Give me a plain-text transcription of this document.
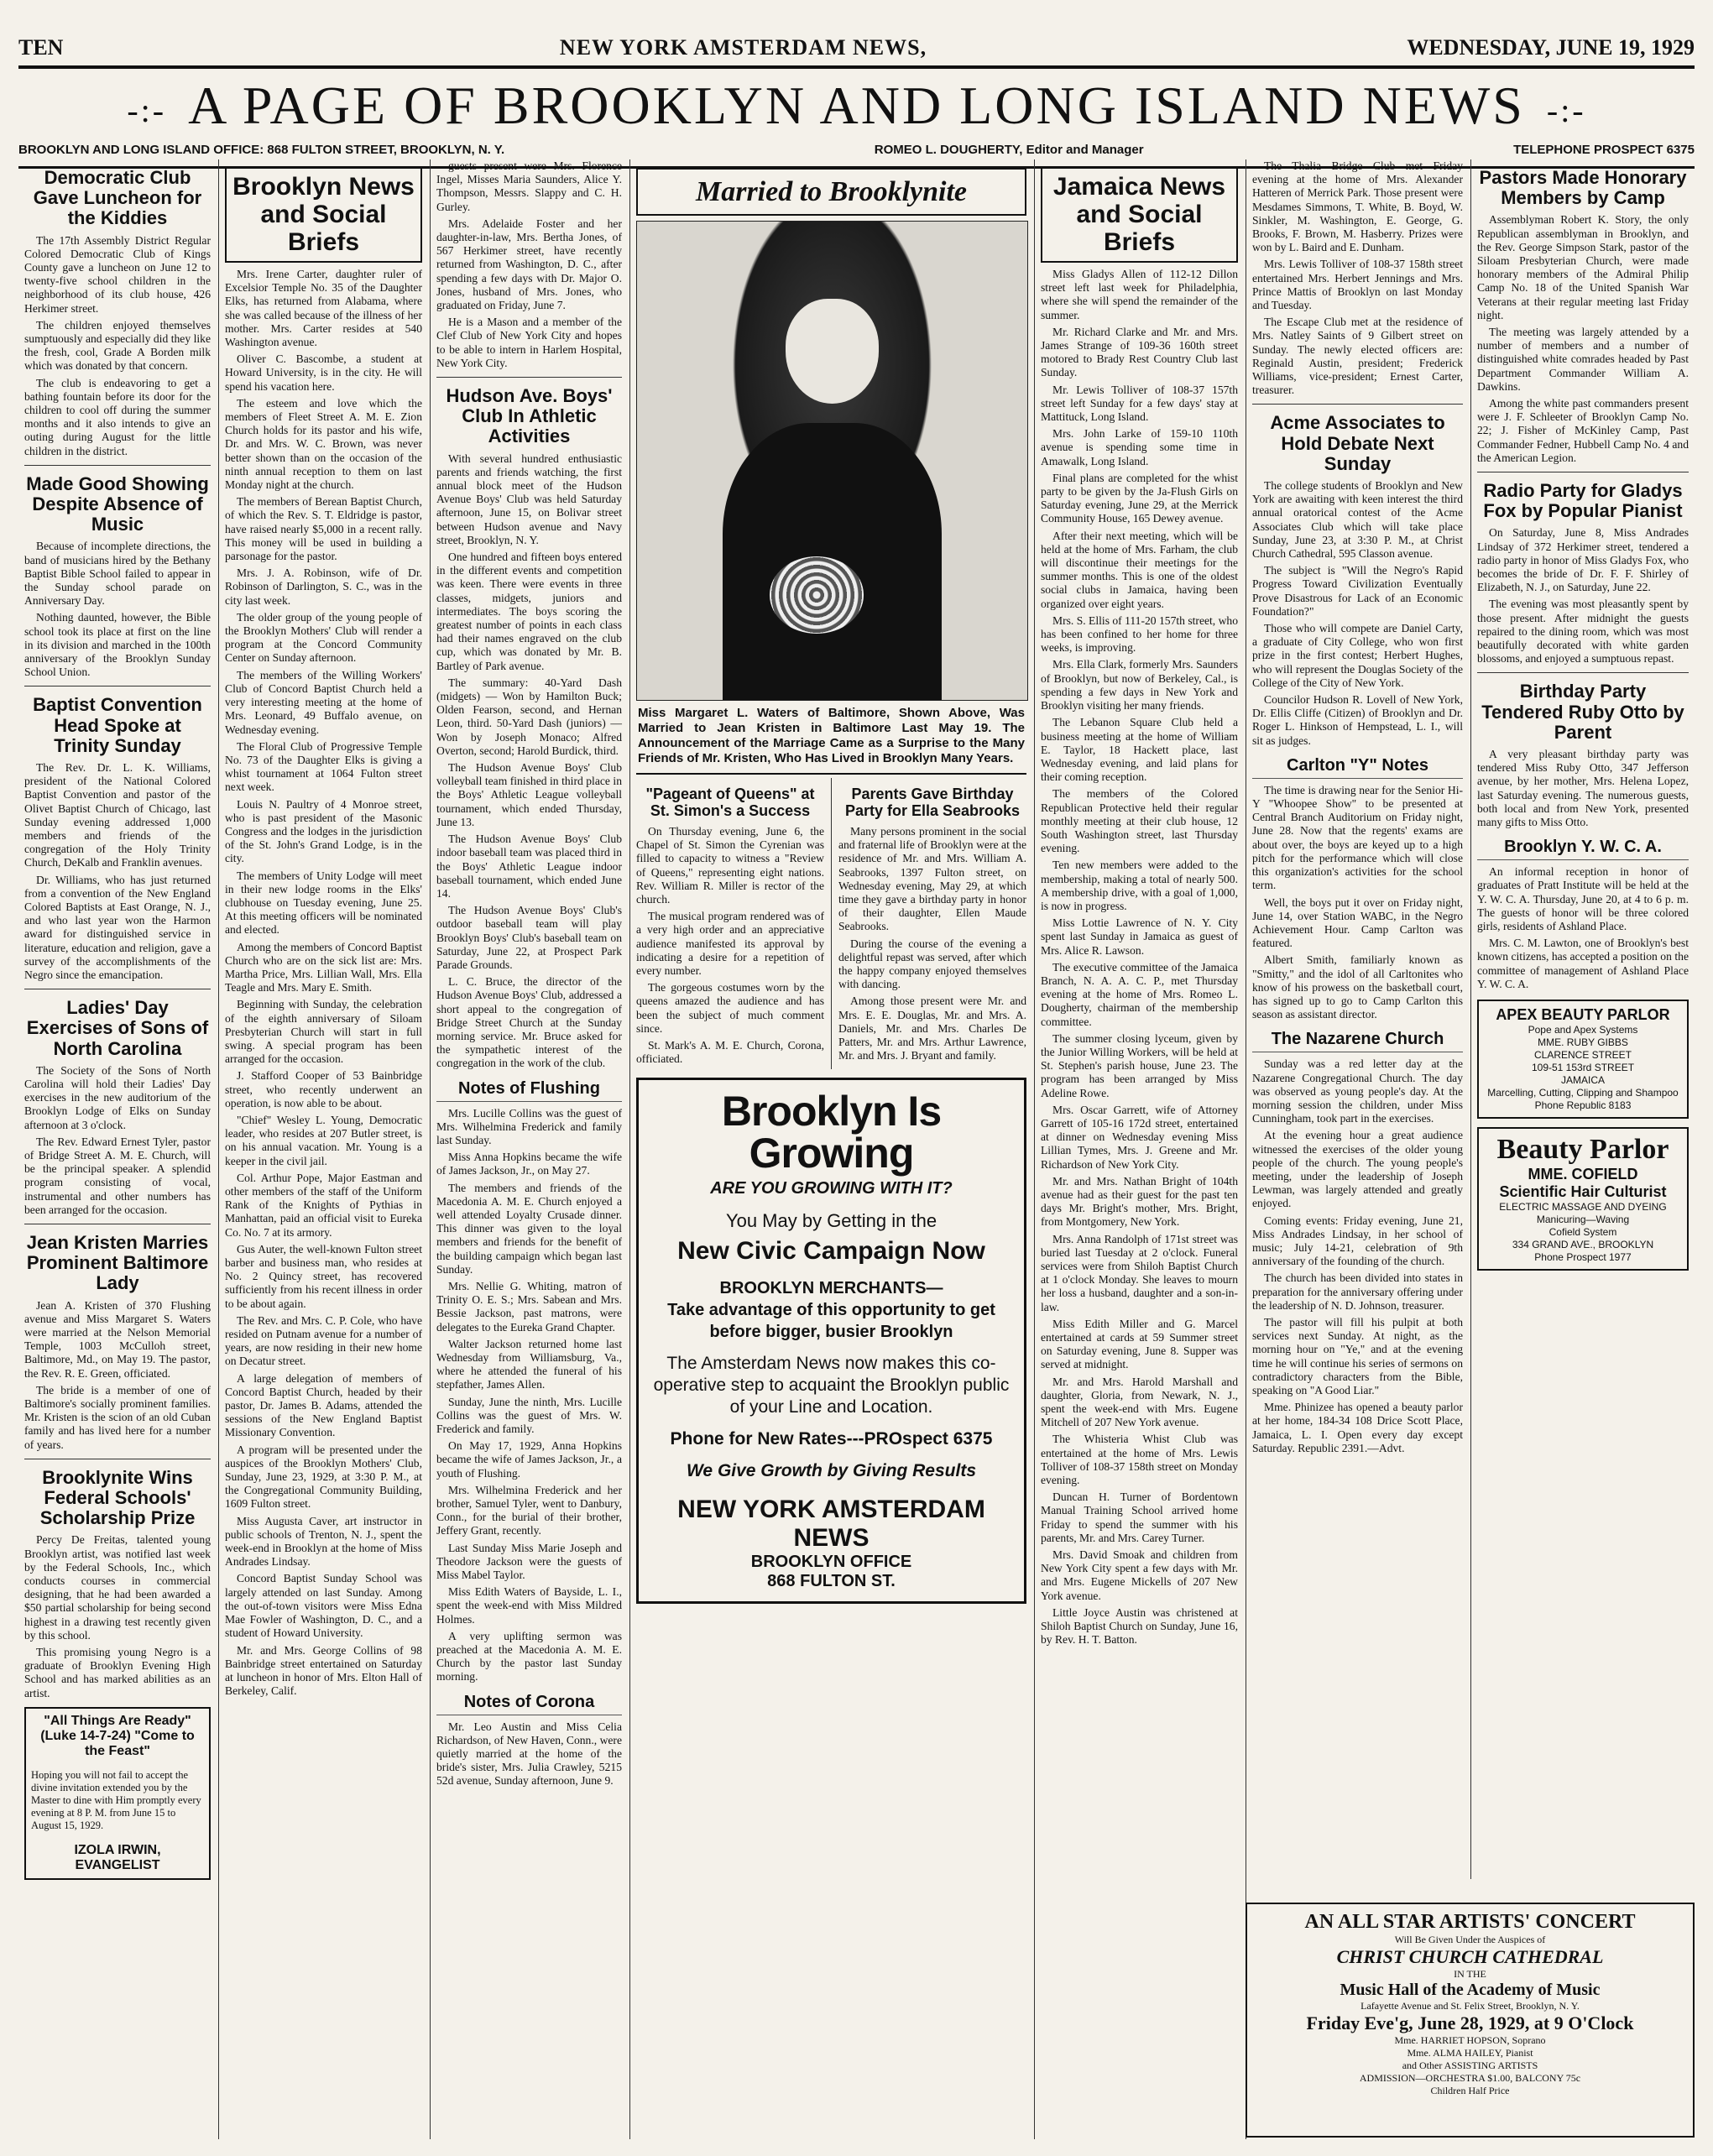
TEN	NEW YORK AMSTERDAM NEWS,	WEDNESDAY, JUNE 19, 1929
-:- A PAGE OF BROOKLYN AND LONG ISLAND NEWS -:-
BROOKLYN AND LONG ISLAND OFFICE: 868 FULTON STREET, BROOKLYN, N. Y.	ROMEO L. DOUGHERTY, Editor and Manager	TELEPHONE PROSPECT 6375
Democratic Club Gave Luncheon for the Kiddies

The 17th Assembly District Regular Colored Democratic Club of Kings County gave a luncheon on June 12 to twenty-five school children in the neighborhood of its club house, 426 Herkimer street.

The children enjoyed themselves sumptuously and especially did they like the fresh, cool, Grade A Borden milk which was donated by that concern.

The club is endeavoring to get a bathing fountain before its door for the children to cool off during the summer months and it also intends to give an outing during August for the little children in the district.

Made Good Showing Despite Absence of Music

Because of incomplete directions, the band of musicians hired by the Bethany Baptist Bible School failed to appear in the Sunday school parade on Anniversary Day.

Nothing daunted, however, the Bible school took its place at first on the line in its division and marched in the 100th anniversary of the Brooklyn Sunday School Union.

Baptist Convention Head Spoke at Trinity Sunday

The Rev. Dr. L. K. Williams, president of the National Colored Baptist Convention and pastor of the Olivet Baptist Church of Chicago, last Sunday evening addressed 1,000 members and friends of the congregation of the Holy Trinity Church, DeKalb and Franklin avenues.

Dr. Williams, who has just returned from a convention of the New England Colored Baptists at East Orange, N. J., and who last year won the Harmon award for distinguished service in literature, education and religion, gave a survey of the accomplishments of the Negro since the emancipation.

Ladies' Day Exercises of Sons of North Carolina

The Society of the Sons of North Carolina will hold their Ladies' Day exercises in the new auditorium of the Brooklyn Lodge of Elks on Sunday afternoon at 3 o'clock.

The Rev. Edward Ernest Tyler, pastor of Bridge Street A. M. E. Church, will be the principal speaker. A splendid program consisting of vocal, instrumental and other numbers has been arranged for the occasion.

Jean Kristen Marries Prominent Baltimore Lady

Jean A. Kristen of 370 Flushing avenue and Miss Margaret S. Waters were married at the Nelson Memorial Temple, 1003 McCulloh street, Baltimore, Md., on May 19. The pastor, the Rev. R. E. Green, officiated.

The bride is a member of one of Baltimore's socially prominent families. Mr. Kristen is the scion of an old Cuban family and has lived here for a number of years.

Brooklynite Wins Federal Schools' Scholarship Prize

Percy De Freitas, talented young Brooklyn artist, was notified last week by the Federal Schools, Inc., which conducts courses in commercial designing, that he had been awarded a $50 partial scholarship for being second highest in a drawing test recently given by this school.

This promising young Negro is a graduate of Brooklyn Evening High School and has marked abilities as an artist.

"All Things Are Ready" (Luke 14-7-24) "Come to the Feast"

Hoping you will not fail to accept the divine invitation extended you by the Master to dine with Him promptly every evening at 8 P. M. from June 15 to August 15, 1929.

IZOLA IRWIN, EVANGELIST
Brooklyn News and Social Briefs

Mrs. Irene Carter, daughter ruler of Excelsior Temple No. 35 of the Daughter Elks, has returned from Alabama, where she was called because of the illness of her mother. Mrs. Carter resides at 540 Washington avenue.

Oliver C. Bascombe, a student at Howard University, is in the city. He will spend his vacation here.

The esteem and love which the members of Fleet Street A. M. E. Zion Church holds for its pastor and his wife, Dr. and Mrs. W. C. Brown, was never better shown than on the occasion of the ninth annual reception to them on last Monday night at the church.

The members of Berean Baptist Church, of which the Rev. S. T. Eldridge is pastor, have raised nearly $5,000 in a recent rally. This money will be used in building a parsonage for the pastor.

Mrs. J. A. Robinson, wife of Dr. Robinson of Darlington, S. C., was in the city last week.

The older group of the young people of the Brooklyn Mothers' Club will render a program at the Concord Community Center on Sunday afternoon.

The members of the Willing Workers' Club of Concord Baptist Church held a very interesting meeting at the home of Mrs. Leonard, 49 Buffalo avenue, on Wednesday evening.

The Floral Club of Progressive Temple No. 73 of the Daughter Elks is giving a whist tournament at 1064 Fulton street next week.

Louis N. Paultry of 4 Monroe street, who is past president of the Masonic Congress and the lodges in the jurisdiction of the St. John's Grand Lodge, is in the city.

The members of Unity Lodge will meet in their new lodge rooms in the Elks' clubhouse on Tuesday evening, June 25. At this meeting officers will be nominated and elected.

Among the members of Concord Baptist Church who are on the sick list are: Mrs. Martha Price, Mrs. Lillian Wall, Mrs. Ella Teagle and Mrs. Mary E. Smith.

Beginning with Sunday, the celebration of the eighth anniversary of Siloam Presbyterian Church will start in full swing. A special program has been arranged for the occasion.

J. Stafford Cooper of 53 Bainbridge street, who recently underwent an operation, is now able to be about.

"Chief" Wesley L. Young, Democratic leader, who resides at 207 Butler street, is on his annual vacation. Mr. Young is a keeper in the civil jail.

Col. Arthur Pope, Major Eastman and other members of the staff of the Uniform Rank of the Knights of Pythias in Manhattan, paid an official visit to Eureka Co. No. 7 at its armory.

Gus Auter, the well-known Fulton street barber and business man, who resides at No. 2 Quincy street, has recovered sufficiently from his recent illness in order to be about again.

The Rev. and Mrs. C. P. Cole, who have resided on Putnam avenue for a number of years, are now residing in their new home on Decatur street.

A large delegation of members of Concord Baptist Church, headed by their pastor, Dr. James B. Adams, attended the sessions of the New England Baptist Missionary Convention.

A program will be presented under the auspices of the Brooklyn Mothers' Club, Sunday, June 23, 1929, at 3:30 P. M., at the Congregational Community Building, 1609 Fulton street.

Miss Augusta Caver, art instructor in public schools of Trenton, N. J., spent the week-end in Brooklyn at the home of Miss Andrades Lindsay.

Concord Baptist Sunday School was largely attended on last Sunday. Among the out-of-town visitors were Miss Edna Mae Fowler of Washington, D. C., and a student of Howard University.

Mr. and Mrs. George Collins of 98 Bainbridge street entertained on Saturday at luncheon in honor of Mrs. Elton Hall of Berkeley, Calif.

guests present were Mrs. Florence Ingel, Misses Maria Saunders, Alice Y. Thompson, Messrs. Slappy and C. H. Gurley.

Mrs. Adelaide Foster and her daughter-in-law, Mrs. Bertha Jones, of 567 Herkimer street, have recently returned from Washington, D. C., after spending a few days with Dr. Major O. Jones, husband of Mrs. Jones, who graduated on Friday, June 7.

He is a Mason and a member of the Clef Club of New York City and hopes to be able to intern in Harlem Hospital, New York City.

Hudson Ave. Boys' Club In Athletic Activities

With several hundred enthusiastic parents and friends watching, the first annual block meet of the Hudson Avenue Boys' Club was held Saturday afternoon, June 15, on Bolivar street between Hudson avenue and Navy street, Brooklyn, N. Y.

One hundred and fifteen boys entered in the different events and competition was keen. There were events in three classes, midgets, juniors and intermediates. The boys scoring the greatest number of points in each class had their names engraved on the club cup, which was donated by Mr. B. Bartley of Park avenue.

The summary: 40-Yard Dash (midgets) — Won by Hamilton Buck; Olden Fearson, second, and Hernan Leon, third. 50-Yard Dash (juniors) — Won by Joseph Monaco; Alfred Overton, second; Harold Burdick, third.

The Hudson Avenue Boys' Club volleyball team finished in third place in the Boys' Athletic League volleyball tournament, which ended Thursday, June 13.

The Hudson Avenue Boys' Club indoor baseball team was placed third in the Boys' Athletic League indoor baseball tournament, which ended June 14.

The Hudson Avenue Boys' Club's outdoor baseball team will play Brooklyn Boys' Club's baseball team on Saturday, June 22, at Prospect Park Parade Grounds.

L. C. Bruce, the director of the Hudson Avenue Boys' Club, addressed a short appeal to the congregation of Bridge Street Church at the Sunday morning service. Mr. Bruce asked for the sympathetic interest of the congregation in the work of the club.

Notes of Flushing

Mrs. Lucille Collins was the guest of Mrs. Wilhelmina Frederick and family last Sunday.

Miss Anna Hopkins became the wife of James Jackson, Jr., on May 27.

The members and friends of the Macedonia A. M. E. Church enjoyed a well attended Loyalty Crusade dinner. This dinner was given to the loyal members and friends for the benefit of the building campaign which began last Sunday.

Mrs. Nellie G. Whiting, matron of Trinity O. E. S.; Mrs. Sabean and Mrs. Bessie Jackson, past matrons, were delegates to the Eureka Grand Chapter.

Walter Jackson returned home last Wednesday from Williamsburg, Va., where he attended the funeral of his stepfather, James Allen.

Sunday, June the ninth, Mrs. Lucille Collins was the guest of Mrs. W. Frederick and family.

On May 17, 1929, Anna Hopkins became the wife of James Jackson, Jr., a youth of Flushing.

Mrs. Wilhelmina Frederick and her brother, Samuel Tyler, went to Danbury, Conn., for the burial of their brother, Jeffery Grant, recently.

Last Sunday Miss Marie Joseph and Theodore Jackson were the guests of Miss Mabel Taylor.

Miss Edith Waters of Bayside, L. I., spent the week-end with Miss Mildred Holmes.

A very uplifting sermon was preached at the Macedonia A. M. E. Church by the pastor last Sunday morning.

Notes of Corona

Mr. Leo Austin and Miss Celia Richardson, of New Haven, Conn., were quietly married at the home of the bride's sister, Mrs. Julia Crawley, 5215 52d avenue, Sunday afternoon, June 9.

Married to Brooklynite
Miss Margaret L. Waters of Baltimore, Shown Above, Was Married to Jean Kristen in Baltimore Last May 19. The Announcement of the Marriage Came as a Surprise to the Many Friends of Mr. Kristen, Who Has Lived in Brooklyn Many Years.
"Pageant of Queens" at St. Simon's a Success

On Thursday evening, June 6, the Chapel of St. Simon the Cyrenian was filled to capacity to witness a "Review of Queens," representing eight nations. Rev. William R. Miller is rector of the church.

The musical program rendered was of a very high order and an appreciative audience manifested its approval by indicating a desire for a repetition of every number.

The gorgeous costumes worn by the queens amazed the audience and has been the subject of much comment since.

St. Mark's A. M. E. Church, Corona, officiated.

Parents Gave Birthday Party for Ella Seabrooks

Many persons prominent in the social and fraternal life of Brooklyn were at the residence of Mr. and Mrs. William A. Seabrooks, 1397 Fulton street, on Wednesday evening, May 29, at which time they gave a birthday party in honor of their daughter, Ellen Maude Seabrooks.

During the course of the evening a delightful repast was served, after which the happy company enjoyed themselves with dancing.

Among those present were Mr. and Mrs. E. E. Douglas, Mr. and Mrs. A. Daniels, Mr. and Mrs. Charles De Patters, Mr. and Mrs. Arthur Lawrence, Mr. and Mrs. J. Bryant and family.

Brooklyn Is Growing
ARE YOU GROWING WITH IT?
You May by Getting in the
New Civic Campaign Now
BROOKLYN MERCHANTS—
Take advantage of this opportunity to get before bigger, busier Brooklyn
The Amsterdam News now makes this co-operative step to acquaint the Brooklyn public of your Line and Location.
Phone for New Rates---PROspect 6375
We Give Growth by Giving Results
NEW YORK AMSTERDAM NEWS
BROOKLYN OFFICE
868 FULTON ST.
Jamaica News and Social Briefs

Miss Gladys Allen of 112-12 Dillon street left last week for Philadelphia, where she will spend the remainder of the summer.

Mr. Richard Clarke and Mr. and Mrs. James Strange of 109-36 160th street motored to Brady Rest Country Club last Sunday.

Mr. Lewis Tolliver of 108-37 157th street left Sunday for a few days' stay at Mattituck, Long Island.

Mrs. John Larke of 159-10 110th avenue is spending some time in Amawalk, Long Island.

Final plans are completed for the whist party to be given by the Ja-Flush Girls on Saturday evening, June 29, at the Merrick Community House, 165 Dewey avenue.

After their next meeting, which will be held at the home of Mrs. Farham, the club will discontinue their meetings for the summer months. This is one of the oldest social clubs in Jamaica, having been organized over eight years.

Mrs. S. Ellis of 111-20 157th street, who has been confined to her home for three weeks, is improving.

Mrs. Ella Clark, formerly Mrs. Saunders of Brooklyn, but now of Berkeley, Cal., is spending a few days in New York and Brooklyn visiting her many friends.

The Lebanon Square Club held a business meeting at the home of William E. Taylor, 18 Hackett place, last Wednesday evening, and laid plans for their coming reception.

The members of the Colored Republican Protective held their regular monthly meeting at their club house, 12 South Washington street, last Thursday evening.

Ten new members were added to the membership, making a total of nearly 500. A membership drive, with a goal of 1,000, is now in progress.

Miss Lottie Lawrence of N. Y. City spent last Sunday in Jamaica as guest of Mrs. Alice R. Lawson.

The executive committee of the Jamaica Branch, N. A. A. C. P., met Thursday evening at the home of Mrs. Romeo L. Dougherty, chairman of the membership committee.

The summer closing lyceum, given by the Junior Willing Workers, will be held at St. Stephen's parish house, June 23. The program has been arranged by Miss Adeline Rowe.

Mrs. Oscar Garrett, wife of Attorney Garrett of 105-16 172d street, entertained at dinner on Wednesday evening Miss Lillian Tymes, Mrs. J. Greene and Mr. Richardson of New York City.

Mr. and Mrs. Nathan Bright of 104th avenue had as their guest for the past ten days Mr. Bright's mother, Mrs. Bright, from Montgomery, New York.

Mrs. Anna Randolph of 171st street was buried last Tuesday at 2 o'clock. Funeral services were from Shiloh Baptist Church at 1 o'clock Monday. She leaves to mourn her loss a husband, daughter and a son-in-law.

Miss Edith Miller and G. Marcel entertained at cards at 59 Summer street on Saturday evening, June 8. Supper was served at midnight.

Mr. and Mrs. Harold Marshall and daughter, Gloria, from Newark, N. J., spent the week-end with Mrs. Eugene Mitchell of 207 New York avenue.

The Whisteria Whist Club was entertained at the home of Mrs. Lewis Tolliver of 108-37 158th street on Monday evening.

Duncan H. Turner of Bordentown Manual Training School arrived home Friday to spend the summer with his parents, Mr. and Mrs. Carey Turner.

Mrs. David Smoak and children from New York City spent a few days with Mr. and Mrs. Eugene Mickells of 207 New York avenue.

Little Joyce Austin was christened at Shiloh Baptist Church on Sunday, June 16, by Rev. H. T. Batton.

The Thalia Bridge Club met Friday evening at the home of Mrs. Alexander Hatteren of Merrick Park. Those present were Mesdames Simmons, T. White, B. Boyd, W. Sinkler, M. Washington, E. George, G. Brooks, F. Brown, M. Hasberry. Prizes were won by L. Baird and E. Dunham.

Mrs. Lewis Tolliver of 108-37 158th street entertained Mrs. Herbert Jennings and Mrs. Prince Mattis of Brooklyn on last Monday and Tuesday.

The Escape Club met at the residence of Mrs. Natley Saints of 9 Gilbert street on Sunday. The newly elected officers are: Reginald Austin, president; Frederick Williams, vice-president; Ernest Carter, treasurer.

Acme Associates to Hold Debate Next Sunday

The college students of Brooklyn and New York are awaiting with keen interest the third annual oratorical contest of the Acme Associates Club which will take place Sunday, June 23, at 3:30 P. M., at Christ Church Cathedral, 595 Classon avenue.

The subject is "Will the Negro's Rapid Progress Toward Civilization Eventually Prove Disastrous for Lack of an Economic Foundation?"

Those who will compete are Daniel Carty, a graduate of City College, who won first prize in the first contest; Herbert Hughes, who will represent the Douglas Society of the College of the City of New York.

Councilor Hudson R. Lovell of New York, Dr. Ellis Cliffe (Citizen) of Brooklyn and Dr. Roger L. Hinkson of Hempstead, L. I., will sit as judges.

Carlton "Y" Notes

The time is drawing near for the Senior Hi-Y "Whoopee Show" to be presented at Central Branch Auditorium on Friday night, June 28. Now that the regents' exams are about over, the boys are keyed up to a high pitch for the performance which will close this organization's activities for the school term.

Well, the boys put it over on Friday night, June 14, over Station WABC, in the Negro Achievement Hour. Camp Carlton was featured.

Albert Smith, familiarly known as "Smitty," and the idol of all Carltonites who know of his prowess on the basketball court, has signed up to go to Camp Carlton this season as assistant director.

The Nazarene Church

Sunday was a red letter day at the Nazarene Congregational Church. The day was observed as young people's day. At the morning session the children, under Miss Cunningham, took part in the exercises.

At the evening hour a great audience witnessed the exercises of the older young people of the church. The young people's meeting, under the leadership of Joseph Lewman, was largely attended and greatly enjoyed.

Coming events: Friday evening, June 21, Miss Andrades Lindsay, in her school of music; July 14-21, celebration of 9th anniversary of the founding of the church.

The church has been divided into states in preparation for the anniversary offering under the leadership of N. D. Johnson, treasurer.

The pastor will fill his pulpit at both services next Sunday. At night, as the morning hour on "Ye," and at the evening time he will continue his series of sermons on contradictory characters from the Bible, speaking on "A Good Liar."

Mme. Phinizee has opened a beauty parlor at her home, 184-34 108 Drice Scott Place, Jamaica, L. I. Open every day except Saturday. Republic 2391.—Advt.

Pastors Made Honorary Members by Camp

Assemblyman Robert K. Story, the only Republican assemblyman in Brooklyn, and the Rev. George Simpson Stark, pastor of the Siloam Presbyterian Church, were made honorary members of the Admiral Philip Camp No. 18 of the United Spanish War Veterans at their regular meeting last Friday night.

The meeting was largely attended by a number of members and a number of distinguished white comrades headed by Past Department Commander William A. Dawkins.

Among the white past commanders present were J. F. Schleeter of Brooklyn Camp No. 22; J. Fisher of McKinley Camp, Past Commander Fedner, Hubbell Camp No. 4 and the American Legion.

Radio Party for Gladys Fox by Popular Pianist

On Saturday, June 8, Miss Andrades Lindsay of 372 Herkimer street, tendered a radio party in honor of Miss Gladys Fox, who becomes the bride of Dr. F. F. Shirley of Elizabeth, N. J., on Saturday, June 22.

The evening was most pleasantly spent by those present. After midnight the guests repaired to the dining room, which was most beautifully decorated with white garden blossoms, and enjoyed a sumptuous repast.

Birthday Party Tendered Ruby Otto by Parent

A very pleasant birthday party was tendered Miss Ruby Otto, 347 Jefferson avenue, by her mother, Mrs. Helena Lopez, last Saturday evening. The numerous guests, both local and from New York, presented many gifts to Miss Otto.

Brooklyn Y. W. C. A.

An informal reception in honor of graduates of Pratt Institute will be held at the Y. W. C. A. Thursday, June 20, at 4 to 6 p. m. The guests of honor will be three colored girls, residents of Ashland Place.

Mrs. C. M. Lawton, one of Brooklyn's best known citizens, has accepted a position on the committee of management of Ashland Place Y. W. C. A.

APEX BEAUTY PARLOR
Pope and Apex Systems
MME. RUBY GIBBS
CLARENCE STREET
109-51 153rd STREET
JAMAICA
Marcelling, Cutting, Clipping and Shampoo
Phone Republic 8183
Beauty Parlor
MME. COFIELD
Scientific Hair Culturist
ELECTRIC MASSAGE AND DYEING
Manicuring—Waving
Cofield System
334 GRAND AVE., BROOKLYN
Phone Prospect 1977
AN ALL STAR ARTISTS' CONCERT
Will Be Given Under the Auspices of
CHRIST CHURCH CATHEDRAL
IN THE
Music Hall of the Academy of Music
Lafayette Avenue and St. Felix Street, Brooklyn, N. Y.
Friday Eve'g, June 28, 1929, at 9 O'Clock
Mme. HARRIET HOPSON, Soprano
Mme. ALMA HAILEY, Pianist
and Other ASSISTING ARTISTS
ADMISSION—ORCHESTRA $1.00, BALCONY 75c
Children Half Price
